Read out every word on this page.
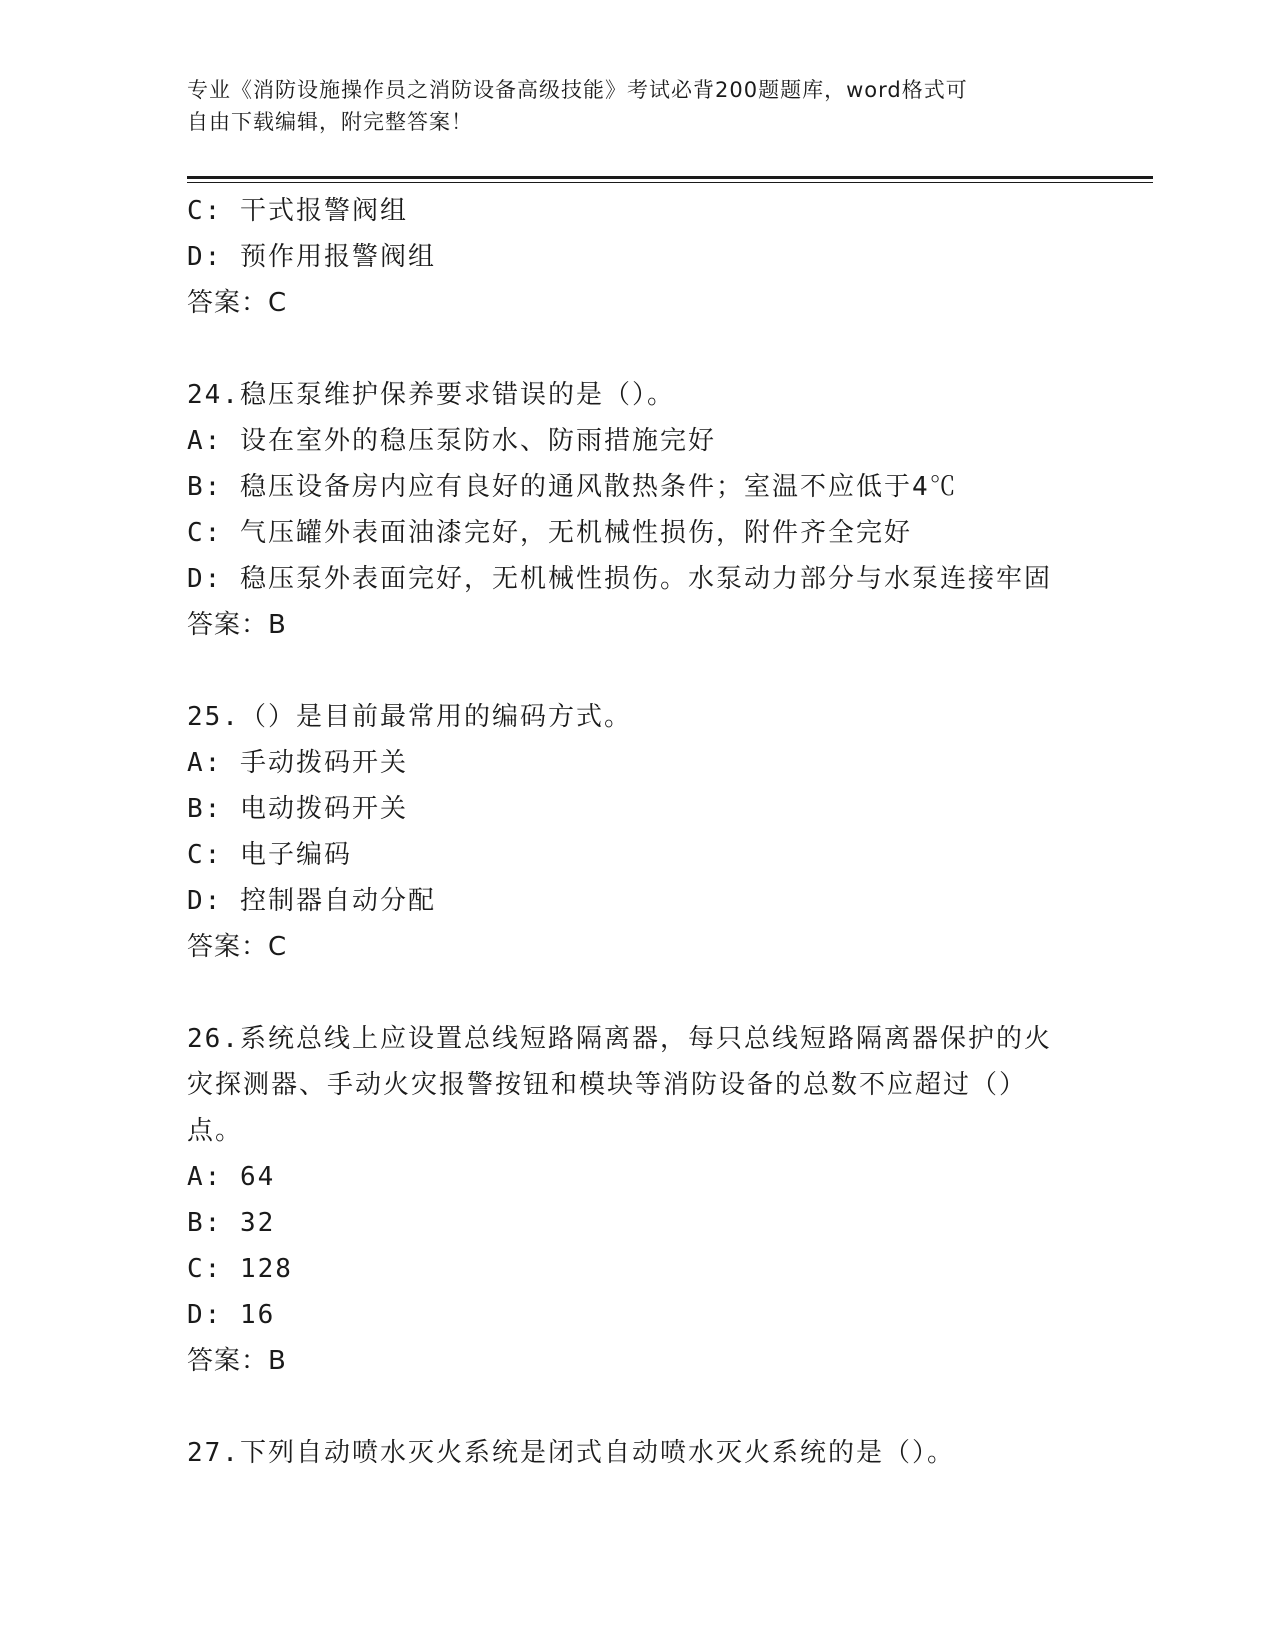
专业《消防设施操作员之消防设备高级技能》考试必背200题题库，word格式可
自由下载编辑，附完整答案！
C: 干式报警阀组
D: 预作用报警阀组
答案：C
24.稳压泵维护保养要求错误的是（）。
A: 设在室外的稳压泵防水、防雨措施完好
B: 稳压设备房内应有良好的通风散热条件；室温不应低于4℃
C: 气压罐外表面油漆完好，无机械性损伤，附件齐全完好
D: 稳压泵外表面完好，无机械性损伤。水泵动力部分与水泵连接牢固
答案：B
25.（）是目前最常用的编码方式。
A: 手动拨码开关
B: 电动拨码开关
C: 电子编码
D: 控制器自动分配
答案：C
26.系统总线上应设置总线短路隔离器，每只总线短路隔离器保护的火
灾探测器、手动火灾报警按钮和模块等消防设备的总数不应超过（）
点。
A: 64
B: 32
C: 128
D: 16
答案：B
27.下列自动喷水灭火系统是闭式自动喷水灭火系统的是（）。
